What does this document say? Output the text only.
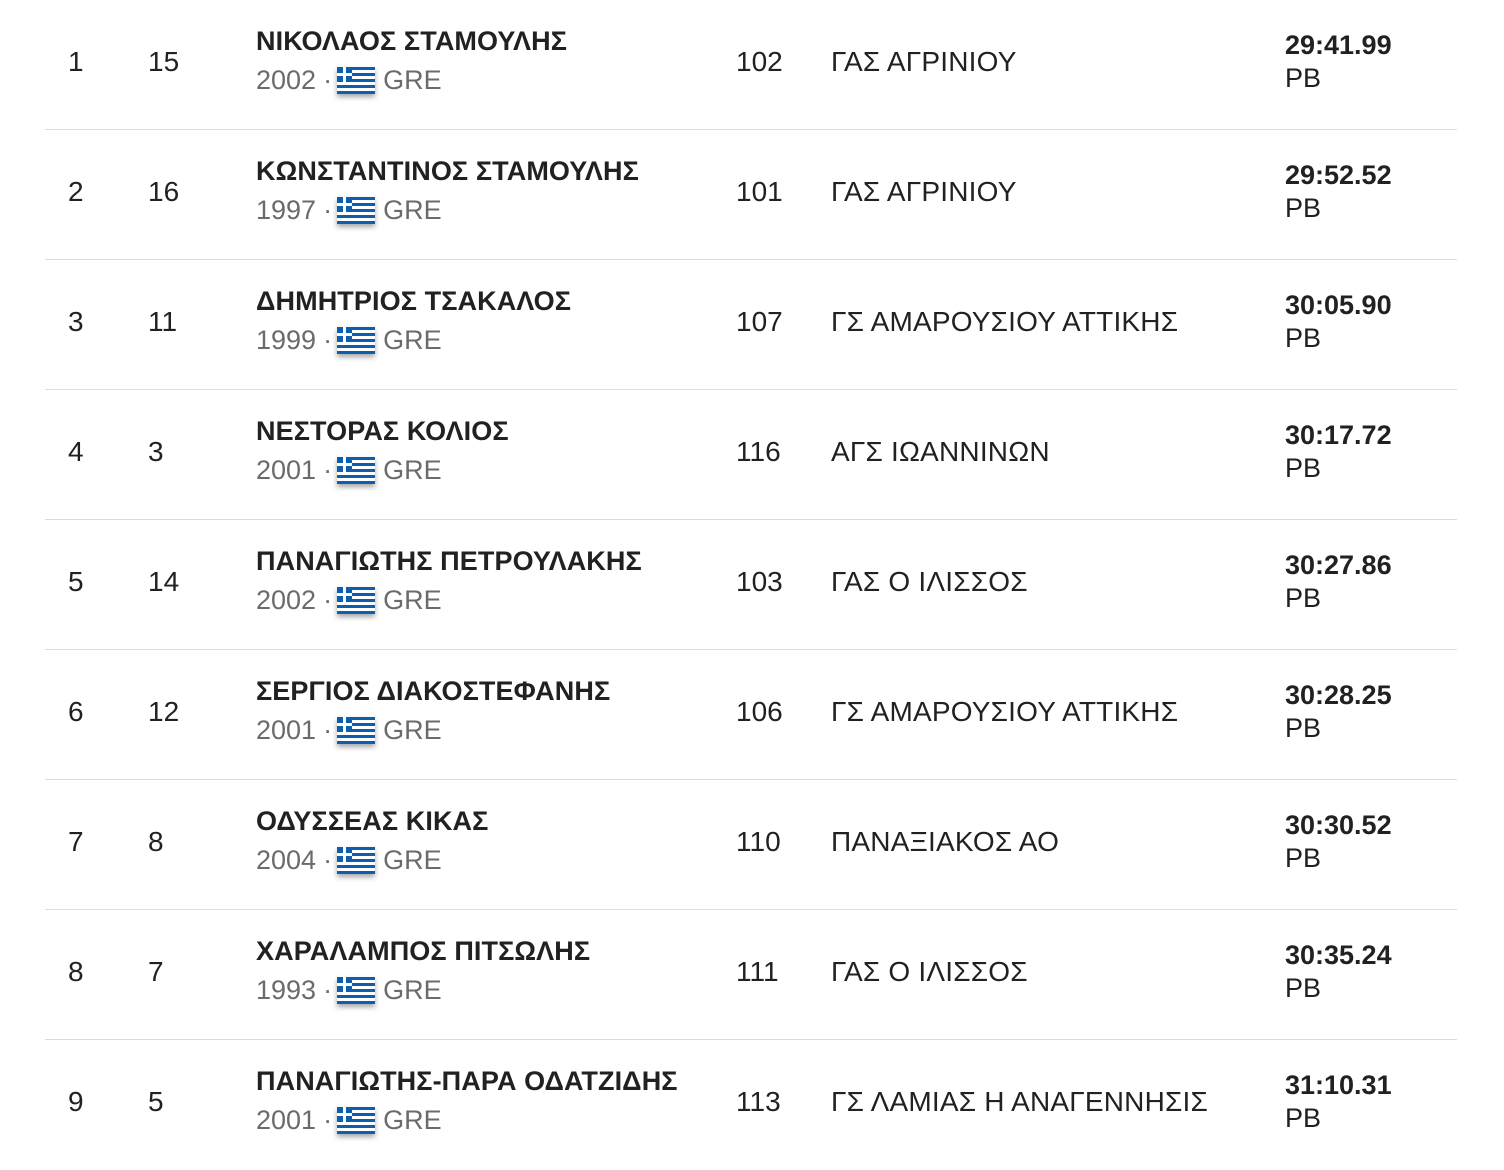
1 15
ΝΙΚΟΛΑΟΣ ΣΤΑΜΟΥΛΗΣ
2002 · GRE
102 ΓΑΣ ΑΓΡΙΝΙΟΥ
29:41.99
PB
2 16
ΚΩΝΣΤΑΝΤΙΝΟΣ ΣΤΑΜΟΥΛΗΣ
1997 · GRE
101 ΓΑΣ ΑΓΡΙΝΙΟΥ
29:52.52
PB
3 11
ΔΗΜΗΤΡΙΟΣ ΤΣΑΚΑΛΟΣ
1999 · GRE
107 ΓΣ ΑΜΑΡΟΥΣΙΟΥ ΑΤΤΙΚΗΣ
30:05.90
PB
4 3
ΝΕΣΤΟΡΑΣ ΚΟΛΙΟΣ
2001 · GRE
116 ΑΓΣ ΙΩΑΝΝΙΝΩΝ
30:17.72
PB
5 14
ΠΑΝΑΓΙΩΤΗΣ ΠΕΤΡΟΥΛΑΚΗΣ
2002 · GRE
103 ΓΑΣ Ο ΙΛΙΣΣΟΣ
30:27.86
PB
6 12
ΣΕΡΓΙΟΣ ΔΙΑΚΟΣΤΕΦΑΝΗΣ
2001 · GRE
106 ΓΣ ΑΜΑΡΟΥΣΙΟΥ ΑΤΤΙΚΗΣ
30:28.25
PB
7 8
ΟΔΥΣΣΕΑΣ ΚΙΚΑΣ
2004 · GRE
110 ΠΑΝΑΞΙΑΚΟΣ ΑΟ
30:30.52
PB
8 7
ΧΑΡΑΛΑΜΠΟΣ ΠΙΤΣΩΛΗΣ
1993 · GRE
111 ΓΑΣ Ο ΙΛΙΣΣΟΣ
30:35.24
PB
9 5
ΠΑΝΑΓΙΩΤΗΣ-ΠΑΡΑ ΟΔΑΤΖΙΔΗΣ
2001 · GRE
113 ΓΣ ΛΑΜΙΑΣ Η ΑΝΑΓΕΝΝΗΣΙΣ
31:10.31
PB
